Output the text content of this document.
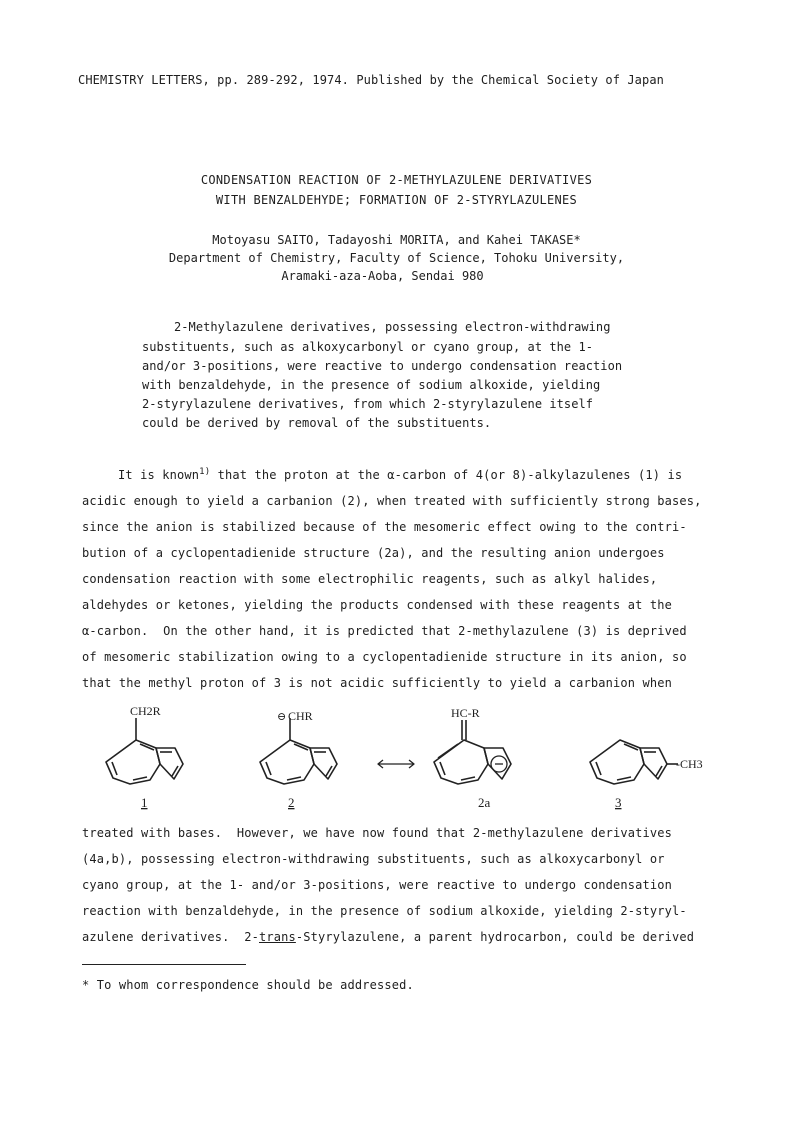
CHEMISTRY LETTERS, pp. 289-292, 1974. Published by the Chemical Society of Japan
CONDENSATION REACTION OF 2-METHYLAZULENE DERIVATIVES
WITH BENZALDEHYDE; FORMATION OF 2-STYRYLAZULENES
Motoyasu SAITO, Tadayoshi MORITA, and Kahei TAKASE*
Department of Chemistry, Faculty of Science, Tohoku University,
Aramaki-aza-Aoba, Sendai 980
2-Methylazulene derivatives, possessing electron-withdrawing
substituents, such as alkoxycarbonyl or cyano group, at the 1-
and/or 3-positions, were reactive to undergo condensation reaction
with benzaldehyde, in the presence of sodium alkoxide, yielding
2-styrylazulene derivatives, from which 2-styrylazulene itself
could be derived by removal of the substituents.
It is known$^{1)}$ that the proton at the α-carbon of 4(or 8)-alkylazulenes (1) is
acidic enough to yield a carbanion (2), when treated with sufficiently strong bases,
since the anion is stabilized because of the mesomeric effect owing to the contri-
bution of a cyclopentadienide structure (2a), and the resulting anion undergoes
condensation reaction with some electrophilic reagents, such as alkyl halides,
aldehydes or ketones, yielding the products condensed with these reagents at the
α-carbon.  On the other hand, it is predicted that 2-methylazulene (3) is deprived
of mesomeric stabilization owing to a cyclopentadienide structure in its anion, so
that the methyl proton of 3 is not acidic sufficiently to yield a carbanion when
CH2R	⊖ CHR	HC-R
-CH3
1	2	2a	3
treated with bases.  However, we have now found that 2-methylazulene derivatives
(4a,b), possessing electron-withdrawing substituents, such as alkoxycarbonyl or
cyano group, at the 1- and/or 3-positions, were reactive to undergo condensation
reaction with benzaldehyde, in the presence of sodium alkoxide, yielding 2-styryl-
azulene derivatives.  2-trans-Styrylazulene, a parent hydrocarbon, could be derived
* To whom correspondence should be addressed.
